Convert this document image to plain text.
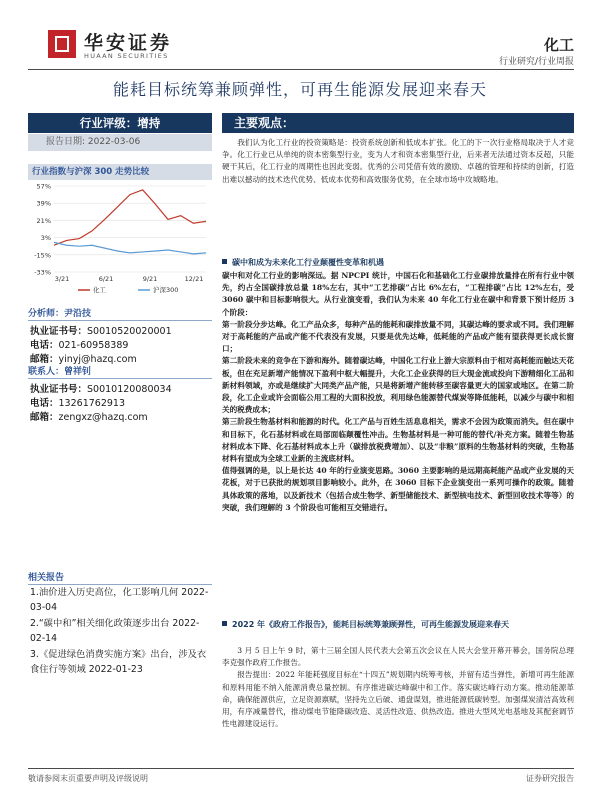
华安证券
HUAAN SECURITIES
化工
行业研究/行业周报
能耗目标统筹兼顾弹性，可再生能源发展迎来春天
行业评级：增持
报告日期: 2022-03-06
行业指数与沪深 300 走势比较
57%
39%
21%
3%
-15%
-33%
3/21	6/21	9/21	12/21
化工	沪深300
分析师：尹沿技
执业证书号：S0010520020001
电话：021-60958389
邮箱：yinyj@hazq.com
联系人：曾祥钊
执业证书号：S0010120080034
电话：13261762913
邮箱：zengxz@hazq.com
相关报告
1.油价进入历史高位，化工影响几何 2022-03-04
2.“碳中和”相关细化政策逐步出台 2022-02-14
3.《促进绿色消费实施方案》出台，涉及衣食住行等领域 2022-01-23
主要观点：

我们认为化工行业的投资策略是：投资系统创新和低成本扩张。化工的下一次行业格局取决于人才竞争。化工行业已从单纯的资本密集型行业，变为人才和资本密集型行业，后来者无法通过资本反超，只能硬干其后，化工行业的周期性也因此变弱。优秀的公司凭借有效的激励、卓越的管理和持续的创新，打造出难以撼动的技术迭代优势、低成本优势和高效服务优势，在全球市场中攻城略地。

碳中和成为未来化工行业颠覆性变革和机遇

碳中和对化工行业的影响深远。据 NPCPI 统计，中国石化和基础化工行业碳排放量排在所有行业中领先，约占全国碳排放总量 18%左右，其中“工艺排碳”占比 6%左右，“工程排碳”占比 12%左右，受 3060 碳中和目标影响很大。从行业演变看，我们认为未来 40 年化工行业在碳中和背景下预计经历 3 个阶段：

第一阶段分步达峰。化工产品众多，每种产品的能耗和碳排放量不同，其碳达峰的要求或不同。我们理解对于高耗能的产品或产能不代表没有发展，只要是优先达峰，低耗能的产品或产能有望获得更长成长窗口；

第二阶段未来的竞争在下游和海外。随着碳达峰，中国化工行业上游大宗原料由于相对高耗能而触达天花板，但在充足新增产能情况下盈利中枢大幅提升，大化工企业获得的巨大现金流或投向下游精细化工品和新材料领域，亦或是继续扩大同类产品产能，只是将新增产能转移至碳容量更大的国家或地区。在第二阶段，化工企业或许会面临公用工程的大面积投放，利用绿色能源替代煤炭等降低能耗，以减少与碳中和相关的税费成本；

第三阶段生物基材料和能源的时代。化工产品与百姓生活息息相关，需求不会因为政策而消失。但在碳中和目标下，化石基材料或在局部面临颠覆性冲击。生物基材料是一种可能的替代/补充方案。随着生物基材料成本下降、化石基材料成本上升（碳排放税费增加）、以及“非粮”原料的生物基材料的突破，生物基材料有望成为全球工业新的主流底材料。

值得强调的是，以上是长达 40 年的行业演变思路。3060 主要影响的是远期高耗能产品或产业发展的天花板，对于已获批的规划项目影响较小。此外，在 3060 目标下企业演变出一系列可操作的政策。随着具体政策的落地，以及新技术（包括合成生物学、新型储能技术、新型核电技术、新型回收技术等等）的突破，我们理解的 3 个阶段也可能相互交错进行。

2022 年《政府工作报告》，能耗目标统筹兼顾弹性，可再生能源发展迎来春天

3 月 5 日上午 9 时，第十三届全国人民代表大会第五次会议在人民大会堂开幕开幕会，国务院总理李克强作政府工作报告。

报告提出：2022 年能耗强度目标在“十四五”规划期内统筹考核，并留有适当弹性，新增可再生能源和原料用能不纳入能源消费总量控制。有序推进碳达峰碳中和工作。落实碳达峰行动方案。推动能源革命，确保能源供应，立足资源禀赋，坚持先立后破、通盘谋划，推进能源低碳转型。加强煤炭清洁高效利用，有序减量替代，推动煤电节能降碳改造、灵活性改造、供热改造。推进大型风光电基地及其配套调节性电源建设运行。

敬请参阅末页重要声明及评级说明	证券研究报告
